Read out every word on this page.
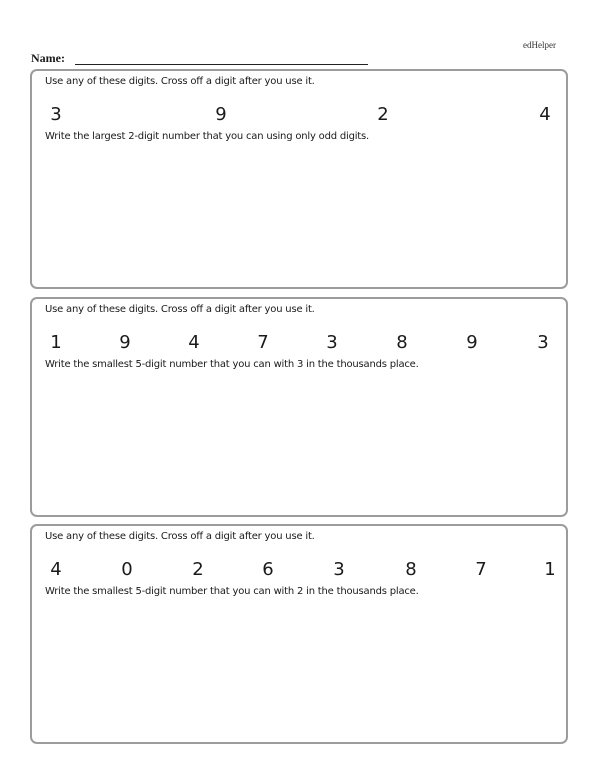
edHelper
Name:
Use any of these digits. Cross off a digit after you use it.
3	9	2	4
Write the largest 2-digit number that you can using only odd digits.
Use any of these digits. Cross off a digit after you use it.
1	9	4	7	3	8	9	3
Write the smallest 5-digit number that you can with 3 in the thousands place.
Use any of these digits. Cross off a digit after you use it.
4	0	2	6	3	8	7	1
Write the smallest 5-digit number that you can with 2 in the thousands place.
